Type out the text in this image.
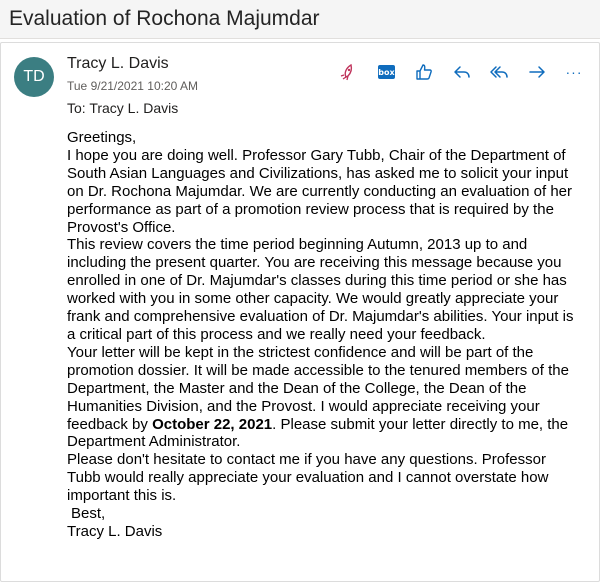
Evaluation of Rochona Majumdar
TD
Tracy L. Davis
Tue 9/21/2021 10:20 AM
To: Tracy L. Davis
box	···

Greetings,

I hope you are doing well. Professor Gary Tubb, Chair of the Department of South Asian Languages and Civilizations, has asked me to solicit your input on Dr. Rochona Majumdar. We are currently conducting an evaluation of her performance as part of a promotion review process that is required by the Provost's Office.

This review covers the time period beginning Autumn, 2013 up to and including the present quarter. You are receiving this message because you enrolled in one of Dr. Majumdar's classes during this time period or she has worked with you in some other capacity. We would greatly appreciate your frank and comprehensive evaluation of Dr. Majumdar's abilities. Your input is a critical part of this process and we really need your feedback.

Your letter will be kept in the strictest confidence and will be part of the promotion dossier. It will be made accessible to the tenured members of the Department, the Master and the Dean of the College, the Dean of the Humanities Division, and the Provost. I would appreciate receiving your feedback by October 22, 2021. Please submit your letter directly to me, the Department Administrator.

Please don't hesitate to contact me if you have any questions. Professor Tubb would really appreciate your evaluation and I cannot overstate how important this is.

Best,

Tracy L. Davis
